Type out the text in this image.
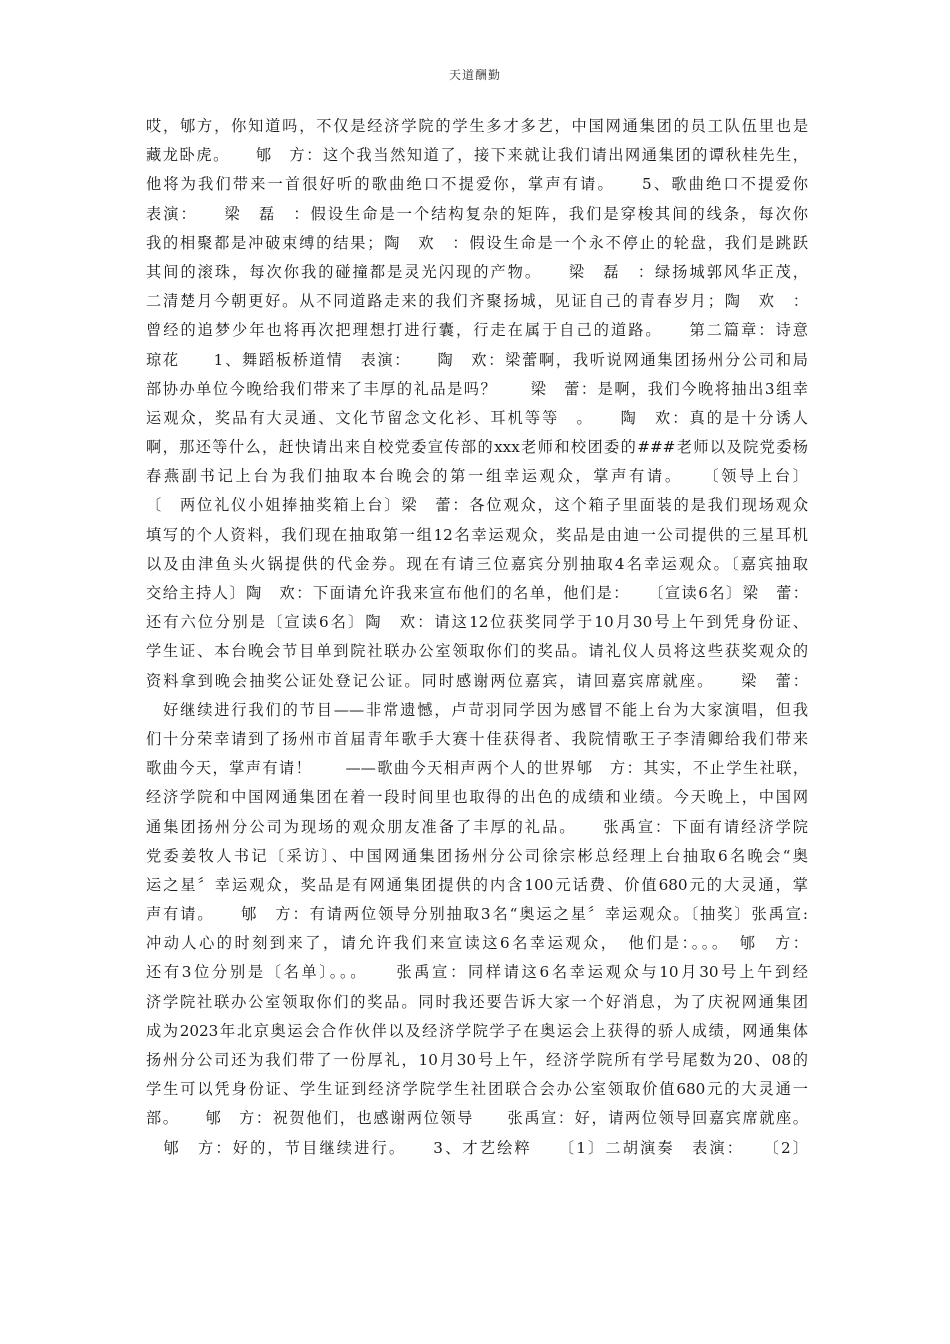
天道酬勤
哎，郇方，你知道吗，不仅是经济学院的学生多才多艺，中国网通集团的员工队伍里也是
藏龙卧虎。　　郇　方：这个我当然知道了，接下来就让我们请出网通集团的谭秋桂先生，
他将为我们带来一首很好听的歌曲绝口不提爱你，掌声有请。　　5、歌曲绝口不提爱你
表演：　　梁　磊　：假设生命是一个结构复杂的矩阵，我们是穿梭其间的线条，每次你
我的相聚都是冲破束缚的结果；陶　欢　：假设生命是一个永不停止的轮盘，我们是跳跃
其间的滚珠，每次你我的碰撞都是灵光闪现的产物。　　梁　磊　：绿扬城郭风华正茂，
二清楚月今朝更好。从不同道路走来的我们齐聚扬城，见证自己的青春岁月；陶　欢　：
曾经的追梦少年也将再次把理想打进行囊，行走在属于自己的道路。　　第二篇章：诗意
琼花　　1、舞蹈板桥道情　表演：　　陶　欢：梁蕾啊，我听说网通集团扬州分公司和局
部协办单位今晚给我们带来了丰厚的礼品是吗？　　梁　蕾：是啊，我们今晚将抽出3组幸
运观众，奖品有大灵通、文化节留念文化衫、耳机等等　。　　陶　欢：真的是十分诱人
啊，那还等什么，赶快请出来自校党委宣传部的xxx老师和校团委的###老师以及院党委杨
春燕副书记上台为我们抽取本台晚会的第一组幸运观众，掌声有请。　　〔领导上台〕
〔　两位礼仪小姐捧抽奖箱上台〕梁　蕾：各位观众，这个箱子里面装的是我们现场观众
填写的个人资料，我们现在抽取第一组12名幸运观众，奖品是由迪一公司提供的三星耳机
以及由津鱼头火锅提供的代金券。现在有请三位嘉宾分别抽取4名幸运观众。〔嘉宾抽取
交给主持人〕陶　欢：下面请允许我来宣布他们的名单，他们是：　　〔宣读6名〕梁　蕾：
还有六位分别是〔宣读6名〕陶　欢：请这12位获奖同学于10月30号上午到凭身份证、
学生证、本台晚会节目单到院社联办公室领取你们的奖品。请礼仪人员将这些获奖观众的
资料拿到晚会抽奖公证处登记公证。同时感谢两位嘉宾，请回嘉宾席就座。　　梁　蕾：
　好继续进行我们的节目——非常遗憾，卢苛羽同学因为感冒不能上台为大家演唱，但我
们十分荣幸请到了扬州市首届青年歌手大赛十佳获得者、我院情歌王子李清卿给我们带来
歌曲今天，掌声有请！　　——歌曲今天相声两个人的世界郇　方：其实，不止学生社联，
经济学院和中国网通集团在着一段时间里也取得的出色的成绩和业绩。今天晚上，中国网
通集团扬州分公司为现场的观众朋友准备了丰厚的礼品。　　张禹宣：下面有请经济学院
党委姜牧人书记〔采访〕、中国网通集团扬州分公司徐宗彬总经理上台抽取6名晚会“奥
运之星〞幸运观众，奖品是有网通集团提供的内含100元话费、价值680元的大灵通，掌
声有请。　　郇　方：有请两位领导分别抽取3名“奥运之星〞幸运观众。〔抽奖〕张禹宣:
冲动人心的时刻到来了，请允许我们来宣读这6名幸运观众，　他们是：。。。　郇　方：
还有3位分别是〔名单〕。。。　　张禹宣：同样请这6名幸运观众与10月30号上午到经
济学院社联办公室领取你们的奖品。同时我还要告诉大家一个好消息，为了庆祝网通集团
成为2023年北京奥运会合作伙伴以及经济学院学子在奥运会上获得的骄人成绩，网通集体
扬州分公司还为我们带了一份厚礼，10月30号上午，经济学院所有学号尾数为20、08的
学生可以凭身份证、学生证到经济学院学生社团联合会办公室领取价值680元的大灵通一
部。　　郇　方：祝贺他们，也感谢两位领导　　张禹宣：好，请两位领导回嘉宾席就座。
　郇　方：好的，节目继续进行。　　3、才艺绘粹　　〔1〕二胡演奏　表演：　　〔2〕
